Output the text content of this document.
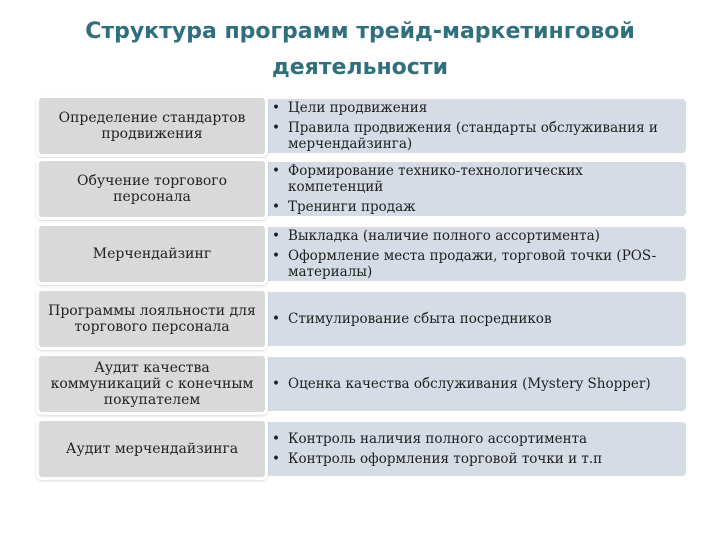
Структура программ трейд-маркетинговой
деятельности
• Цели продвижения
• Правила продвижения (стандарты обслуживания и мерчендайзинга)
Определение стандартов продвижения
• Формирование технико-технологических компетенций
• Тренинги продаж
Обучение торгового персонала
• Выкладка (наличие полного ассортимента)
• Оформление места продажи, торговой точки (POS-материалы)
Мерчендайзинг
• Стимулирование сбыта посредников
Программы лояльности для торгового персонала
• Оценка качества обслуживания (Mystery Shopper)
Аудит качества коммуникаций с конечным покупателем
• Контроль наличия полного ассортимента
• Контроль оформления торговой точки и т.п
Аудит мерчендайзинга
